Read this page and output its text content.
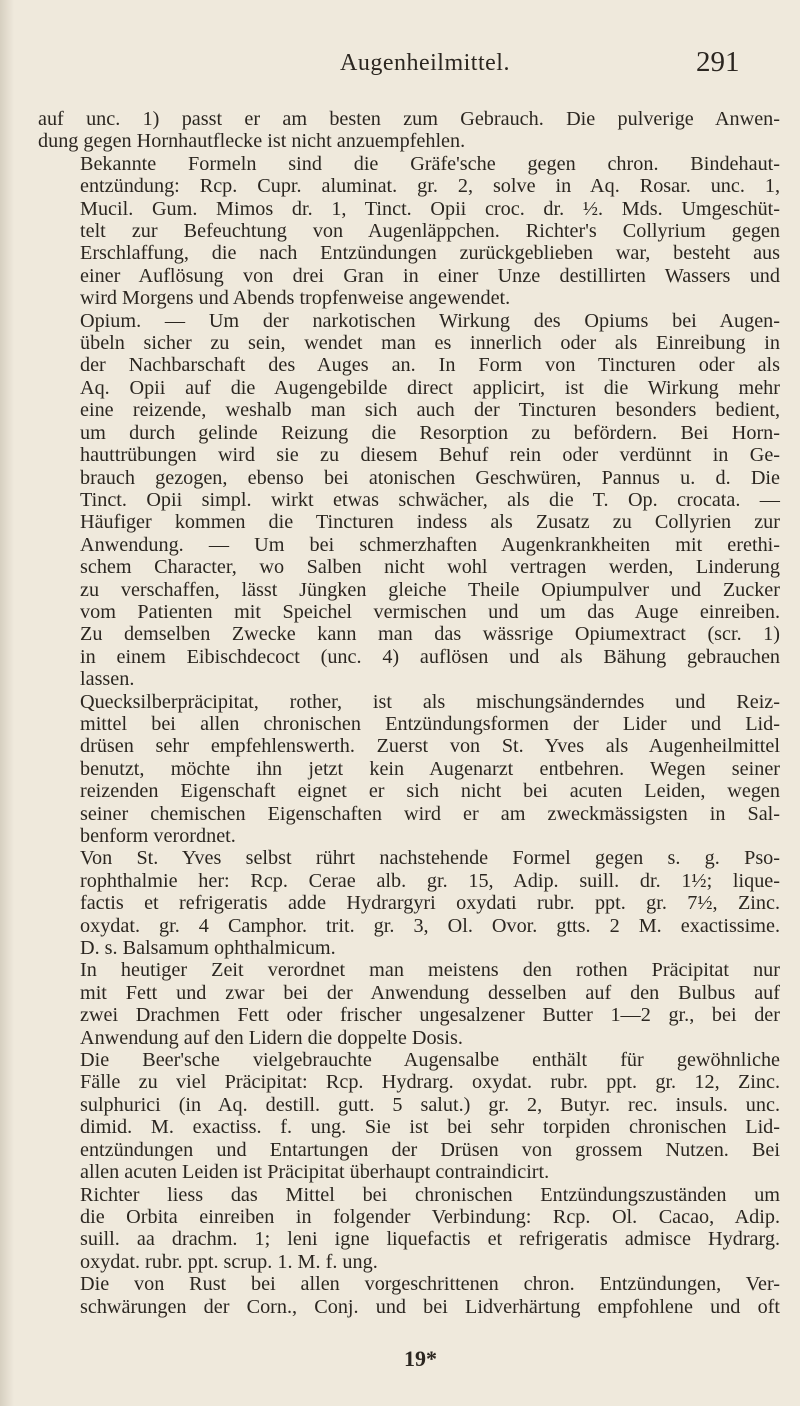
Augenheilmittel.	291

auf unc. 1) passt er am besten zum Gebrauch. Die pulverige Anwen-
dung gegen Hornhautflecke ist nicht anzuempfehlen.

Bekannte Formeln sind die Gräfe'sche gegen chron. Bindehaut-
entzündung: Rcp. Cupr. aluminat. gr. 2, solve in Aq. Rosar. unc. 1,
Mucil. Gum. Mimos dr. 1, Tinct. Opii croc. dr. ½. Mds. Umgeschüt-
telt zur Befeuchtung von Augenläppchen. Richter's Collyrium gegen
Erschlaffung, die nach Entzündungen zurückgeblieben war, besteht aus
einer Auflösung von drei Gran in einer Unze destillirten Wassers und
wird Morgens und Abends tropfenweise angewendet.

Opium. — Um der narkotischen Wirkung des Opiums bei Augen-
übeln sicher zu sein, wendet man es innerlich oder als Einreibung in
der Nachbarschaft des Auges an. In Form von Tincturen oder als
Aq. Opii auf die Augengebilde direct applicirt, ist die Wirkung mehr
eine reizende, weshalb man sich auch der Tincturen besonders bedient,
um durch gelinde Reizung die Resorption zu befördern. Bei Horn-
hauttrübungen wird sie zu diesem Behuf rein oder verdünnt in Ge-
brauch gezogen, ebenso bei atonischen Geschwüren, Pannus u. d. Die
Tinct. Opii simpl. wirkt etwas schwächer, als die T. Op. crocata. —
Häufiger kommen die Tincturen indess als Zusatz zu Collyrien zur
Anwendung. — Um bei schmerzhaften Augenkrankheiten mit erethi-
schem Character, wo Salben nicht wohl vertragen werden, Linderung
zu verschaffen, lässt Jüngken gleiche Theile Opiumpulver und Zucker
vom Patienten mit Speichel vermischen und um das Auge einreiben.
Zu demselben Zwecke kann man das wässrige Opiumextract (scr. 1)
in einem Eibischdecoct (unc. 4) auflösen und als Bähung gebrauchen
lassen.

Quecksilberpräcipitat, rother, ist als mischungsänderndes und Reiz-
mittel bei allen chronischen Entzündungsformen der Lider und Lid-
drüsen sehr empfehlenswerth. Zuerst von St. Yves als Augenheilmittel
benutzt, möchte ihn jetzt kein Augenarzt entbehren. Wegen seiner
reizenden Eigenschaft eignet er sich nicht bei acuten Leiden, wegen
seiner chemischen Eigenschaften wird er am zweckmässigsten in Sal-
benform verordnet.

Von St. Yves selbst rührt nachstehende Formel gegen s. g. Pso-
rophthalmie her: Rcp. Cerae alb. gr. 15, Adip. suill. dr. 1½; lique-
factis et refrigeratis adde Hydrargyri oxydati rubr. ppt. gr. 7½, Zinc.
oxydat. gr. 4 Camphor. trit. gr. 3, Ol. Ovor. gtts. 2 M. exactissime.
D. s. Balsamum ophthalmicum.

In heutiger Zeit verordnet man meistens den rothen Präcipitat nur
mit Fett und zwar bei der Anwendung desselben auf den Bulbus auf
zwei Drachmen Fett oder frischer ungesalzener Butter 1—2 gr., bei der
Anwendung auf den Lidern die doppelte Dosis.

Die Beer'sche vielgebrauchte Augensalbe enthält für gewöhnliche
Fälle zu viel Präcipitat: Rcp. Hydrarg. oxydat. rubr. ppt. gr. 12, Zinc.
sulphurici (in Aq. destill. gutt. 5 salut.) gr. 2, Butyr. rec. insuls. unc.
dimid. M. exactiss. f. ung. Sie ist bei sehr torpiden chronischen Lid-
entzündungen und Entartungen der Drüsen von grossem Nutzen. Bei
allen acuten Leiden ist Präcipitat überhaupt contraindicirt.

Richter liess das Mittel bei chronischen Entzündungszuständen um
die Orbita einreiben in folgender Verbindung: Rcp. Ol. Cacao, Adip.
suill. aa drachm. 1; leni igne liquefactis et refrigeratis admisce Hydrarg.
oxydat. rubr. ppt. scrup. 1. M. f. ung.

Die von Rust bei allen vorgeschrittenen chron. Entzündungen, Ver-
schwärungen der Corn., Conj. und bei Lidverhärtung empfohlene und oft

19*
